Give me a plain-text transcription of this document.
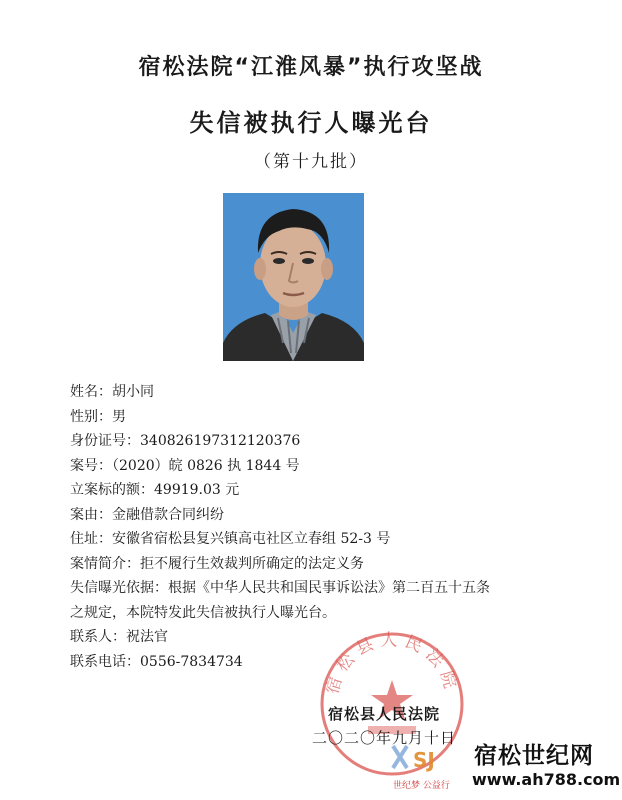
宿松法院“江淮风暴”执行攻坚战
失信被执行人曝光台
（第十九批）
姓名：胡小同
性别：男
身份证号：340826197312120376
案号：（2020）皖 0826 执 1844 号
立案标的额：49919.03 元
案由：金融借款合同纠纷
住址：安徽省宿松县复兴镇高屯社区立春组 52-3 号
案情简介：拒不履行生效裁判所确定的法定义务
失信曝光依据：根据《中华人民共和国民事诉讼法》第二百五十五条
之规定，本院特发此失信被执行人曝光台。
联系人：祝法官
联系电话：0556-7834734
宿松县人民法院
宿松县人民法院
二〇二〇年九月十日
SJ
世纪梦 公益行
宿松世纪网
www.ah788.com
